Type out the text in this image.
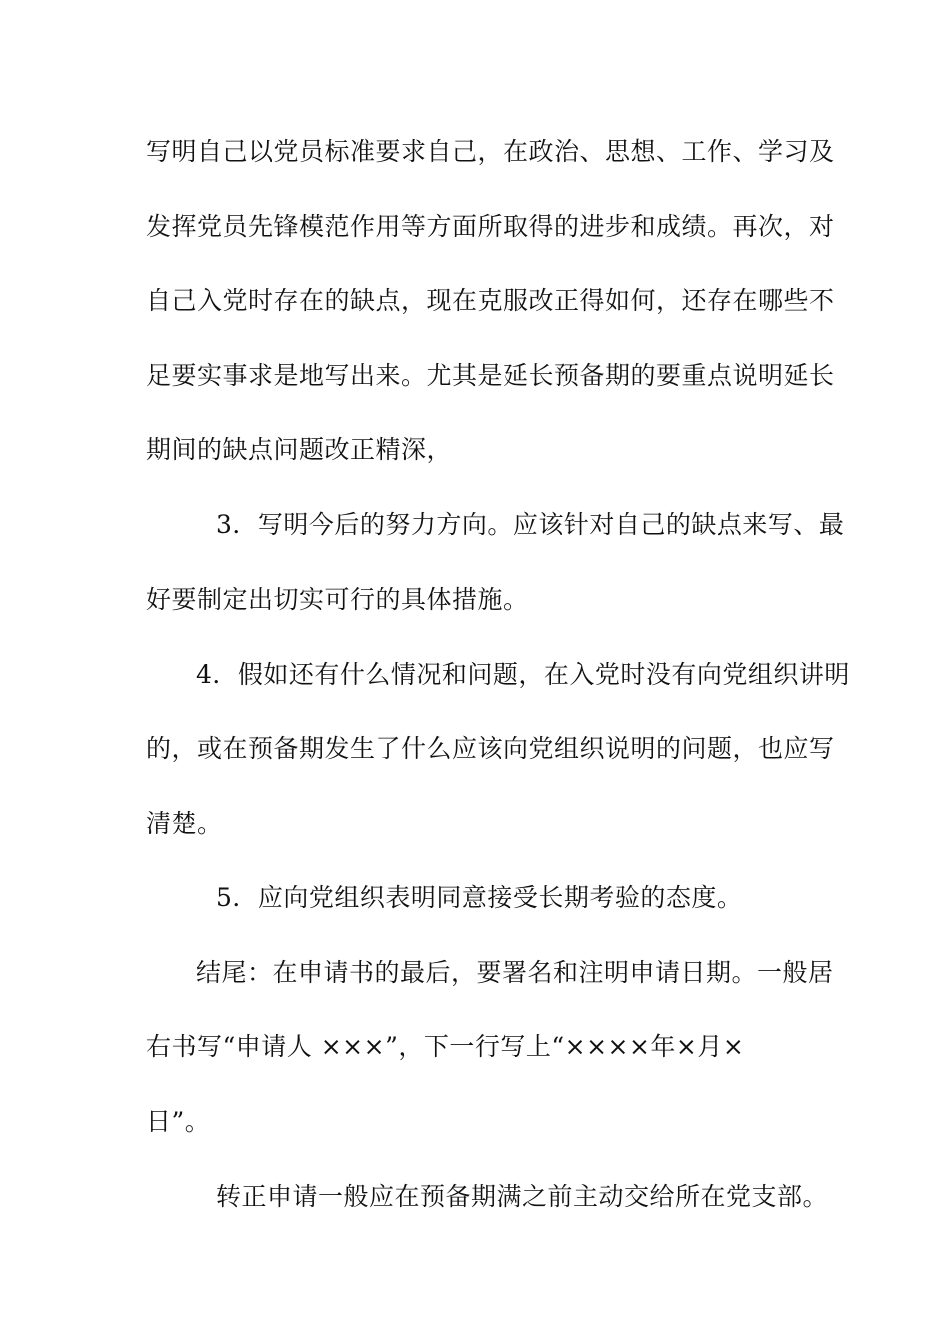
写明自己以党员标准要求自己，在政治、思想、工作、学习及
发挥党员先锋模范作用等方面所取得的进步和成绩。再次，对
自己入党时存在的缺点，现在克服改正得如何，还存在哪些不
足要实事求是地写出来。尤其是延长预备期的要重点说明延长
期间的缺点问题改正精深，
3．写明今后的努力方向。应该针对自己的缺点来写、最
好要制定出切实可行的具体措施。
4．假如还有什么情况和问题，在入党时没有向党组织讲明
的，或在预备期发生了什么应该向党组织说明的问题，也应写
清楚。
5．应向党组织表明同意接受长期考验的态度。
结尾：在申请书的最后，要署名和注明申请日期。一般居
右书写“申请人 ×××”，下一行写上“××××年×月×
日”。
转正申请一般应在预备期满之前主动交给所在党支部。
